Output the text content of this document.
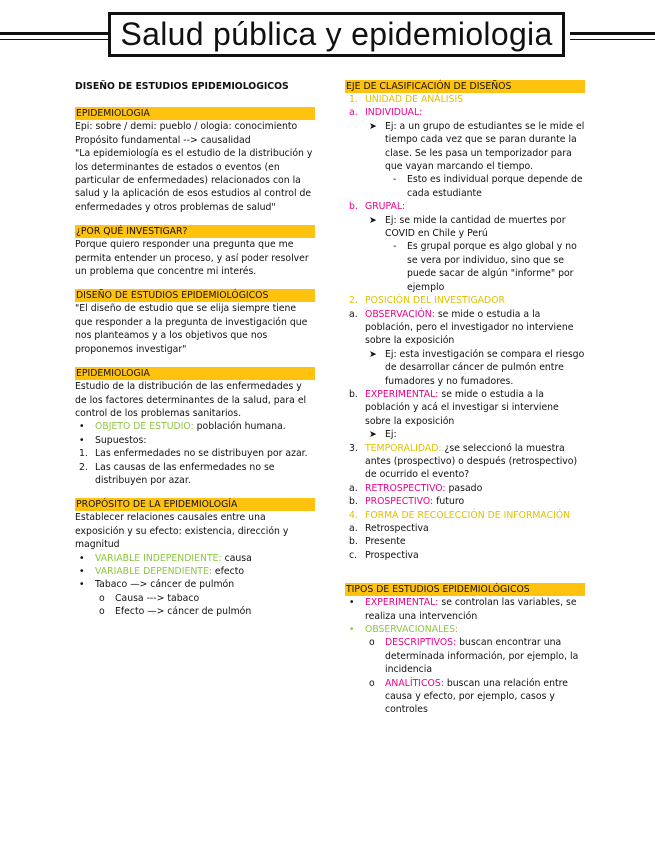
Salud pública y epidemiologia
DISEÑO DE ESTUDIOS EPIDEMIOLOGICOS
EPIDEMIOLOGIA

Epi: sobre / demi: pueblo / ologia: conocimiento

Propósito fundamental --> causalidad

"La epidemiología es el estudio de la distribución y los determinantes de estados o eventos (en particular de enfermedades) relacionados con la salud y la aplicación de esos estudios al control de enfermedades y otros problemas de salud"

¿POR QUÉ INVESTIGAR?

Porque quiero responder una pregunta que me permita entender un proceso, y así poder resolver un problema que concentre mi interés.

DISEÑO DE ESTUDIOS EPIDEMIOLÓGICOS

"El diseño de estudio que se elija siempre tiene que responder a la pregunta de investigación que nos planteamos y a los objetivos que nos proponemos investigar"

EPIDEMIOLOGIA

Estudio de la distribución de las enfermedades y de los factores determinantes de la salud, para el control de los problemas sanitarios.

• OBJETO DE ESTUDIO: población humana.
• Supuestos:
1. Las enfermedades no se distribuyen por azar.
2. Las causas de las enfermedades no se distribuyen por azar.
PROPÓSITO DE LA EPIDEMIOLOGÍA

Establecer relaciones causales entre una exposición y su efecto: existencia, dirección y magnitud

• VARIABLE INDEPENDIENTE: causa
• VARIABLE DEPENDIENTE: efecto
• Tabaco —> cáncer de pulmón
o Causa ---> tabaco
o Efecto —> cáncer de pulmón
EJE DE CLASIFICACIÓN DE DISEÑOS
1. UNIDAD DE ANÁLISIS
a. INDIVIDUAL:
➤ Ej: a un grupo de estudiantes se le mide el tiempo cada vez que se paran durante la clase. Se les pasa un temporizador para que vayan marcando el tiempo.
- Esto es individual porque depende de cada estudiante
b. GRUPAL:
➤ Ej: se mide la cantidad de muertes por COVID en Chile y Perú
- Es grupal porque es algo global y no se vera por individuo, sino que se puede sacar de algún "informe" por ejemplo
2. POSICIÓN DEL INVESTIGADOR
a. OBSERVACIÓN: se mide o estudia a la población, pero el investigador no interviene sobre la exposición
➤ Ej: esta investigación se compara el riesgo de desarrollar cáncer de pulmón entre fumadores y no fumadores.
b. EXPERIMENTAL: se mide o estudia a la población y acá el investigar si interviene sobre la exposición
➤ Ej:
3. TEMPORALIDAD: ¿se seleccionó la muestra antes (prospectivo) o después (retrospectivo) de ocurrido el evento?
a. RETROSPECTIVO: pasado
b. PROSPECTIVO: futuro
4. FORMA DE RECOLECCIÓN DE INFORMACIÓN
a. Retrospectiva
b. Presente
c. Prospectiva
TIPOS DE ESTUDIOS EPIDEMIOLÓGICOS
• EXPERIMENTAL: se controlan las variables, se realiza una intervención
• OBSERVACIONALES:
o DESCRIPTIVOS: buscan encontrar una determinada información, por ejemplo, la incidencia
o ANALÍTICOS: buscan una relación entre causa y efecto, por ejemplo, casos y controles
